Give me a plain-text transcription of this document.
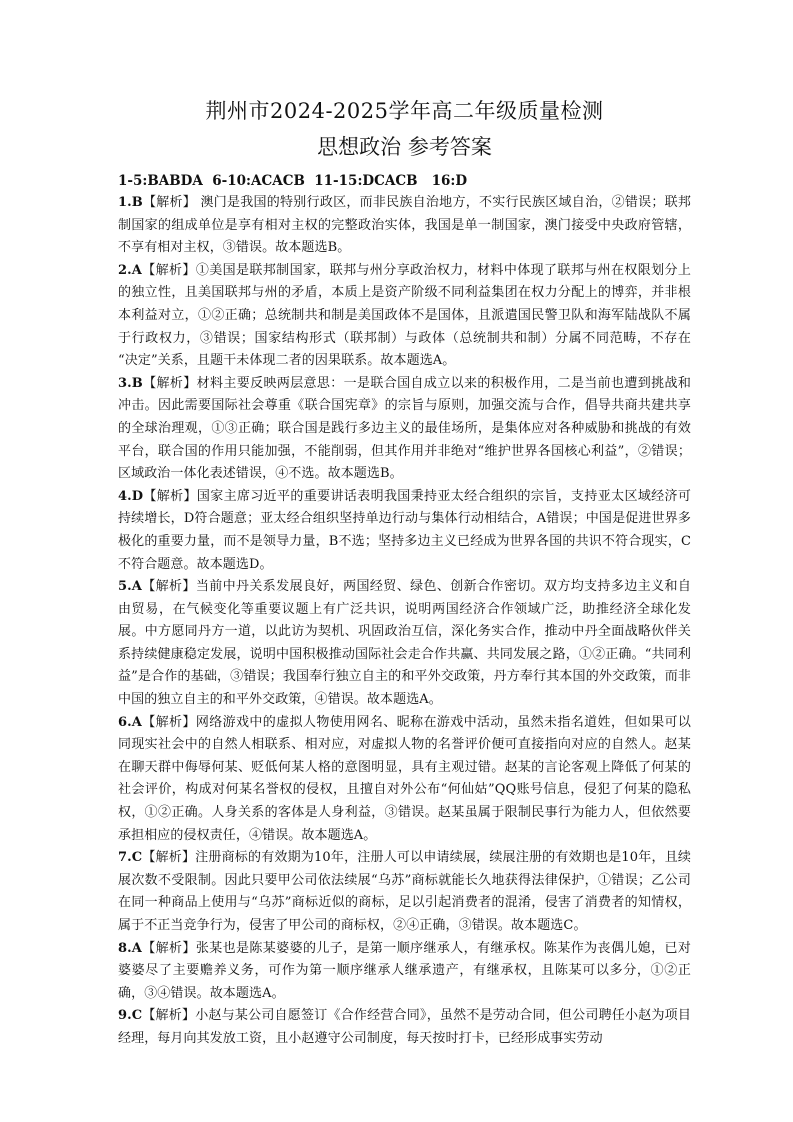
荆州市2024-2025学年高二年级质量检测
思想政治 参考答案

1-5:BABDA  6-10:ACACB  11-15:DCACB   16:D

1.B【解析】 澳门是我国的特别行政区，而非民族自治地方，不实行民族区域自治，②错误；联邦制国家的组成单位是享有相对主权的完整政治实体，我国是单一制国家，澳门接受中央政府管辖，不享有相对主权，③错误。故本题选B。

2.A【解析】①美国是联邦制国家，联邦与州分享政治权力，材料中体现了联邦与州在权限划分上的独立性，且美国联邦与州的矛盾，本质上是资产阶级不同利益集团在权力分配上的博弈，并非根本利益对立，①②正确；总统制共和制是美国政体不是国体，且派遣国民警卫队和海军陆战队不属于行政权力，③错误；国家结构形式（联邦制）与政体（总统制共和制）分属不同范畴，不存在 “决定”关系，且题干未体现二者的因果联系。故本题选A。

3.B【解析】材料主要反映两层意思：一是联合国自成立以来的积极作用，二是当前也遭到挑战和冲击。因此需要国际社会尊重《联合国宪章》的宗旨与原则，加强交流与合作，倡导共商共建共享的全球治理观，①③正确；联合国是践行多边主义的最佳场所，是集体应对各种威胁和挑战的有效平台，联合国的作用只能加强，不能削弱，但其作用并非绝对“维护世界各国核心利益”，②错误；区域政治一体化表述错误，④不选。故本题选B。

4.D【解析】国家主席习近平的重要讲话表明我国秉持亚太经合组织的宗旨，支持亚太区域经济可持续增长，D符合题意；亚太经合组织坚持单边行动与集体行动相结合，A错误；中国是促进世界多极化的重要力量，而不是领导力量，B不选；坚持多边主义已经成为世界各国的共识不符合现实，C不符合题意。故本题选D。

5.A【解析】当前中丹关系发展良好，两国经贸、绿色、创新合作密切。双方均支持多边主义和自由贸易，在气候变化等重要议题上有广泛共识，说明两国经济合作领域广泛，助推经济全球化发展。中方愿同丹方一道，以此访为契机、巩固政治互信，深化务实合作，推动中丹全面战略伙伴关系持续健康稳定发展，说明中国积极推动国际社会走合作共赢、共同发展之路，①②正确。“共同利益”是合作的基础，③错误；我国奉行独立自主的和平外交政策，丹方奉行其本国的外交政策，而非中国的独立自主的和平外交政策，④错误。故本题选A。

6.A【解析】网络游戏中的虚拟人物使用网名、昵称在游戏中活动，虽然未指名道姓，但如果可以同现实社会中的自然人相联系、相对应，对虚拟人物的名誉评价便可直接指向对应的自然人。赵某在聊天群中侮辱何某、贬低何某人格的意图明显，具有主观过错。赵某的言论客观上降低了何某的社会评价，构成对何某名誉权的侵权，且擅自对外公布“何仙姑”QQ账号信息，侵犯了何某的隐私权，①②正确。人身关系的客体是人身利益，③错误。赵某虽属于限制民事行为能力人，但依然要承担相应的侵权责任，④错误。故本题选A。

7.C【解析】注册商标的有效期为10年，注册人可以申请续展，续展注册的有效期也是10年，且续展次数不受限制。因此只要甲公司依法续展“乌苏”商标就能长久地获得法律保护，①错误；乙公司在同一种商品上使用与“乌苏”商标近似的商标，足以引起消费者的混淆，侵害了消费者的知情权，属于不正当竞争行为，侵害了甲公司的商标权，②④正确，③错误。故本题选C。

8.A【解析】张某也是陈某婆婆的儿子，是第一顺序继承人，有继承权。陈某作为丧偶儿媳，已对婆婆尽了主要赡养义务，可作为第一顺序继承人继承遗产，有继承权，且陈某可以多分，①②正确，③④错误。故本题选A。

9.C【解析】小赵与某公司自愿签订《合作经营合同》，虽然不是劳动合同，但公司聘任小赵为项目经理，每月向其发放工资，且小赵遵守公司制度，每天按时打卡，已经形成事实劳动
